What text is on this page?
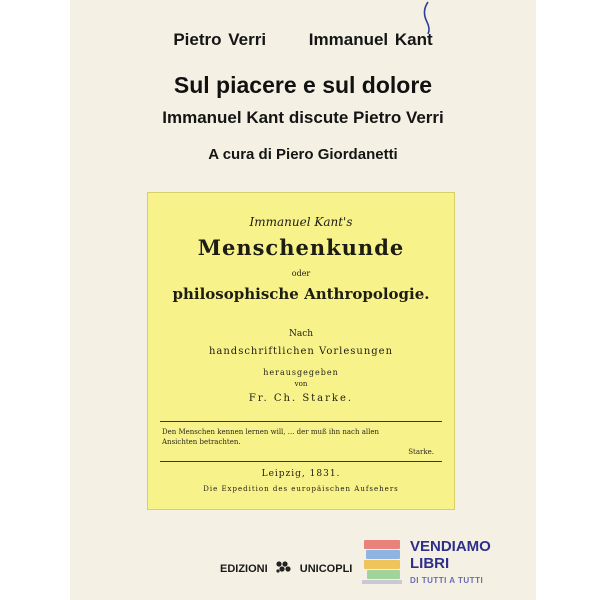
Pietro Verri	Immanuel Kant
Sul piacere e sul dolore
Immanuel Kant discute Pietro Verri
A cura di Piero Giordanetti
Immanuel Kant's
Menschenkunde
oder
philosophische Anthropologie.
Nach
handschriftlichen Vorlesungen
herausgegeben
von
Fr. Ch. Starke.
Den Menschen kennen lernen will, ... der muß ihn nach allen
Ansichten betrachten.
Starke.
Leipzig, 1831.
Die Expedition des europäischen Aufsehers
EDIZIONI	UNICOPLI
VENDIAMO
LIBRI
DI TUTTI A TUTTI
